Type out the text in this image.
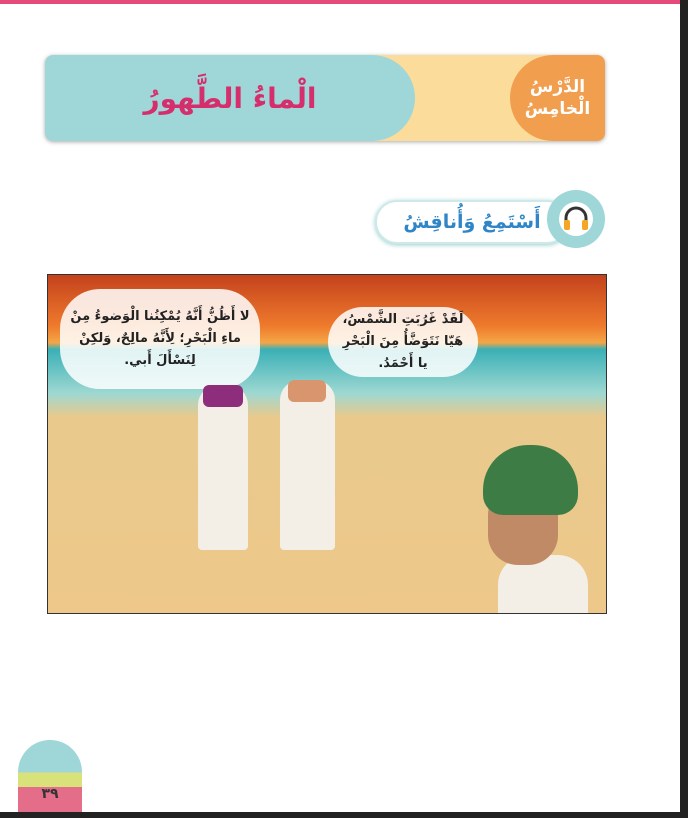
الْماءُ الطَّهورُ	الدَّرْسُ
الْخامِسُ
أَسْتَمِعُ وَأُناقِشُ
لا أَظُنُّ أَنَّهُ يُمْكِنُنا الْوَضوءُ مِنْ ماءِ الْبَحْرِ؛ لِأَنَّهُ مالِحٌ، وَلكِنْ لِنَسْأَلَ أَبي.
لَقَدْ غَرُبَتِ الشَّمْسُ، هَيّا نَتَوَضَّأُ مِنَ الْبَحْرِ يا أَحْمَدُ.
٣٩
